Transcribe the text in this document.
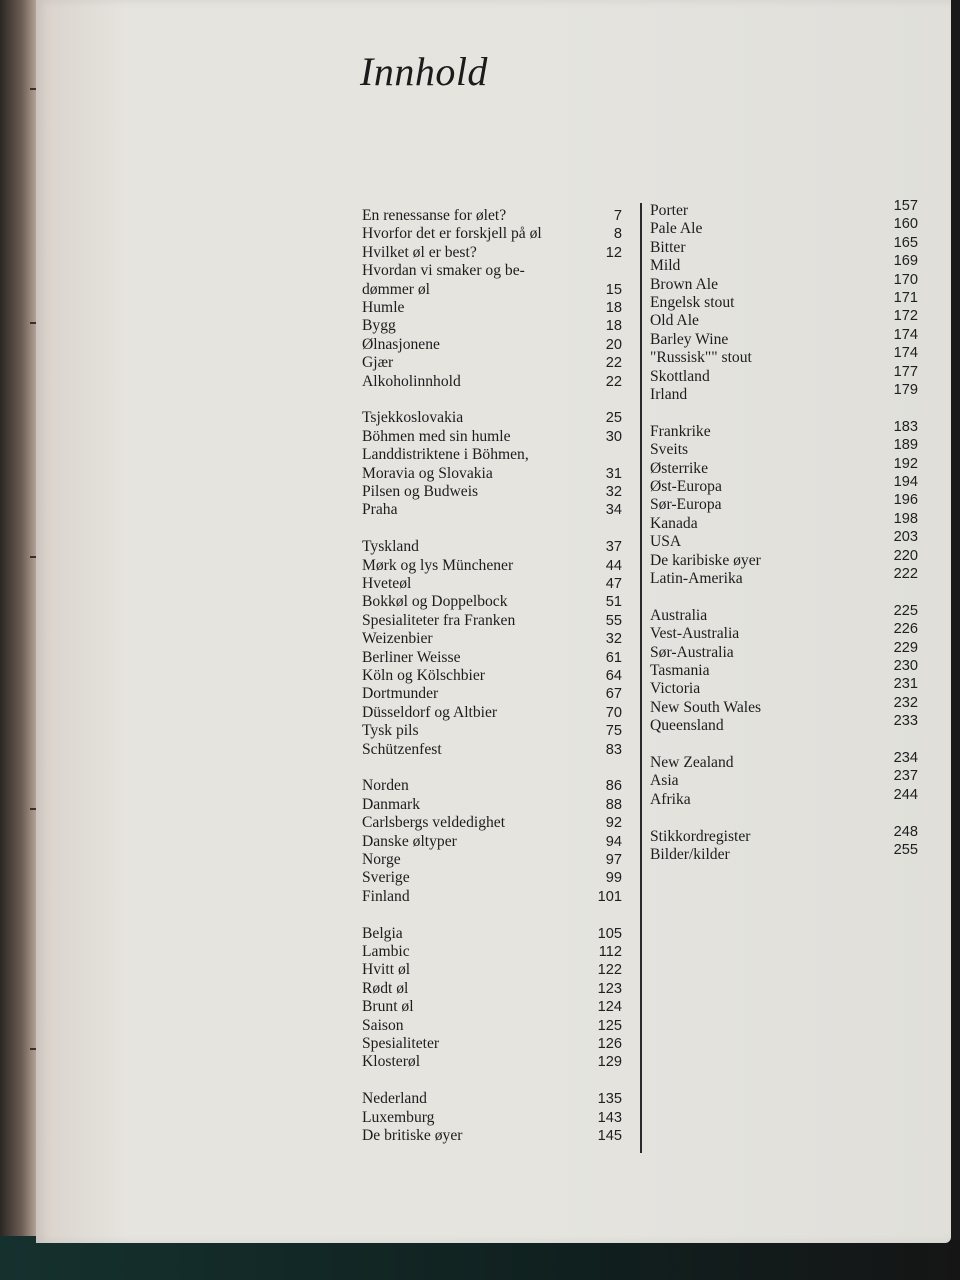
Innhold
En renessanse for ølet?	7
Hvorfor det er forskjell på øl	8
Hvilket øl er best?	12
Hvordan vi smaker og be-
dømmer øl	15
Humle	18
Bygg	18
Ølnasjonene	20
Gjær	22
Alkoholinnhold	22
Tsjekkoslovakia	25
Böhmen med sin humle	30
Landdistriktene i Böhmen,
Moravia og Slovakia	31
Pilsen og Budweis	32
Praha	34
Tyskland	37
Mørk og lys Münchener	44
Hveteøl	47
Bokkøl og Doppelbock	51
Spesialiteter fra Franken	55
Weizenbier	32
Berliner Weisse	61
Köln og Kölschbier	64
Dortmunder	67
Düsseldorf og Altbier	70
Tysk pils	75
Schützenfest	83
Norden	86
Danmark	88
Carlsbergs veldedighet	92
Danske øltyper	94
Norge	97
Sverige	99
Finland	101
Belgia	105
Lambic	112
Hvitt øl	122
Rødt øl	123
Brunt øl	124
Saison	125
Spesialiteter	126
Klosterøl	129
Nederland	135
Luxemburg	143
De britiske øyer	145
Porter	157
Pale Ale	160
Bitter	165
Mild	169
Brown Ale	170
Engelsk stout	171
Old Ale	172
Barley Wine	174
"Russisk"" stout	174
Skottland	177
Irland	179
Frankrike	183
Sveits	189
Østerrike	192
Øst-Europa	194
Sør-Europa	196
Kanada	198
USA	203
De karibiske øyer	220
Latin-Amerika	222
Australia	225
Vest-Australia	226
Sør-Australia	229
Tasmania	230
Victoria	231
New South Wales	232
Queensland	233
New Zealand	234
Asia	237
Afrika	244
Stikkordregister	248
Bilder/kilder	255
